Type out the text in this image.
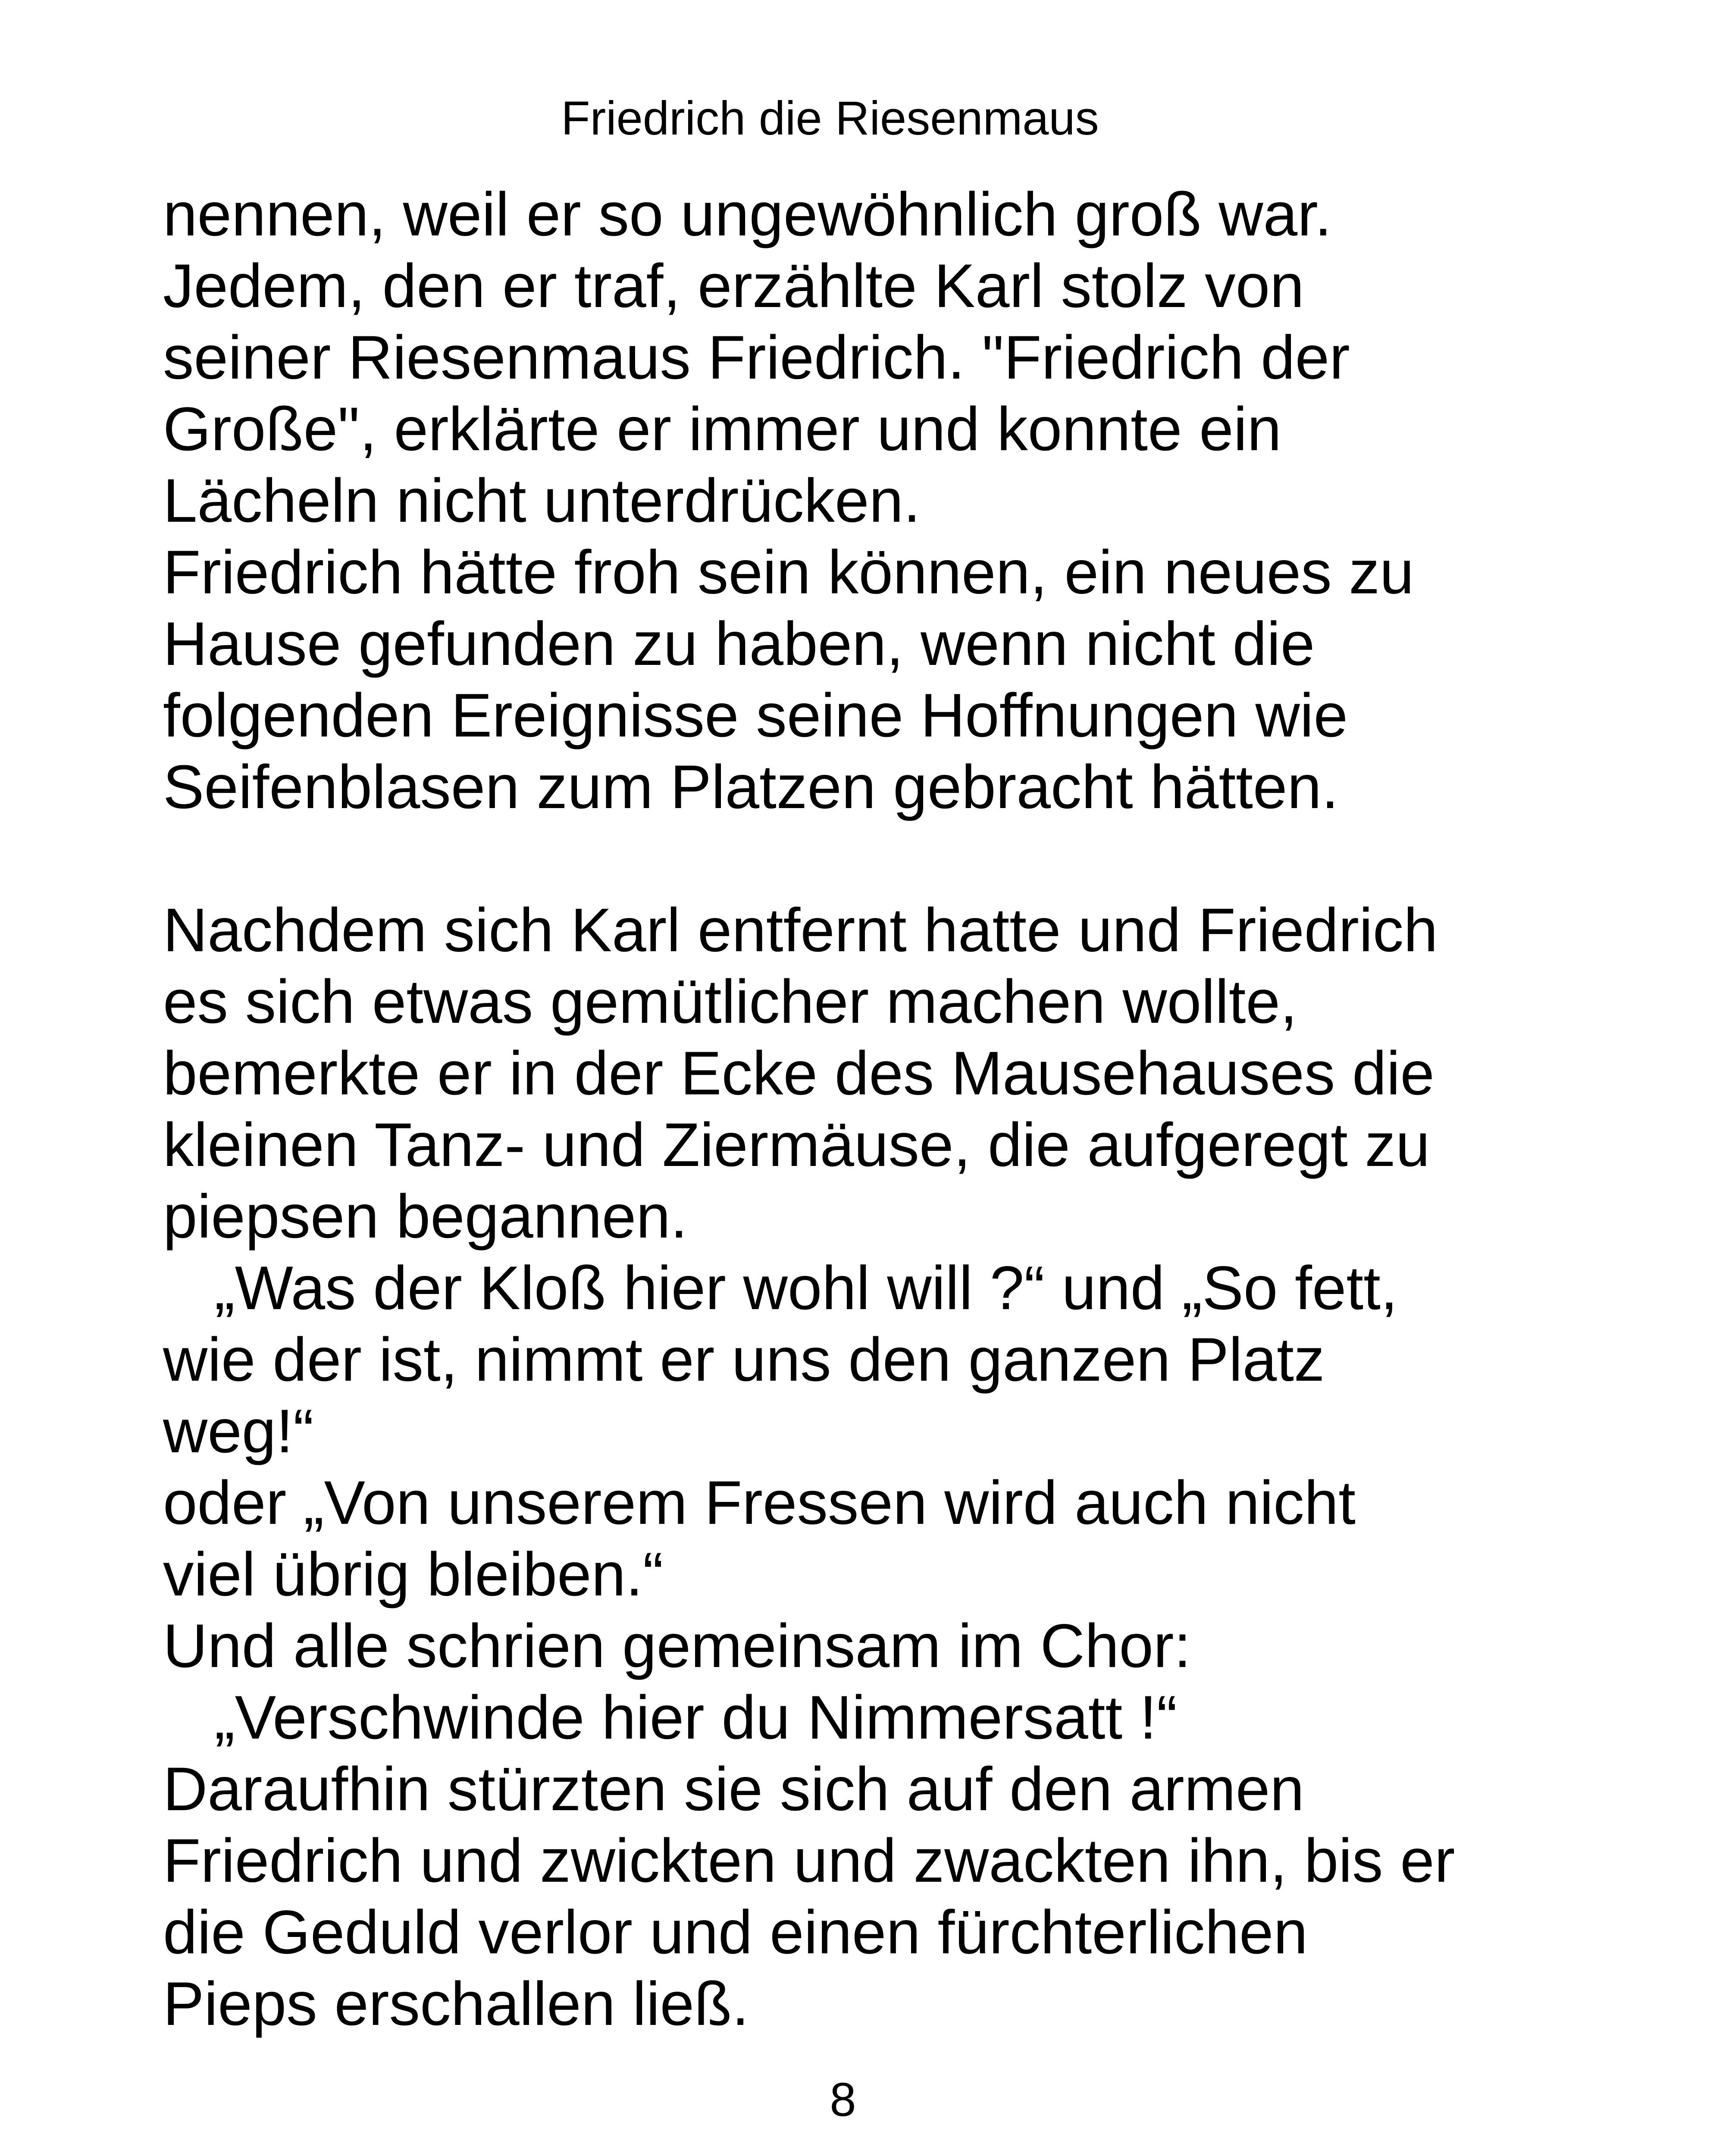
Friedrich die Riesenmaus
nennen, weil er so ungewöhnlich groß war.
Jedem, den er traf, erzählte Karl stolz von
seiner Riesenmaus Friedrich. "Friedrich der
Große", erklärte er immer und konnte ein
Lächeln nicht unterdrücken.
Friedrich hätte froh sein können, ein neues zu
Hause gefunden zu haben, wenn nicht die
folgenden Ereignisse seine Hoffnungen wie
Seifenblasen zum Platzen gebracht hätten.
Nachdem sich Karl entfernt hatte und Friedrich
es sich etwas gemütlicher machen wollte,
bemerkte er in der Ecke des Mausehauses die
kleinen Tanz- und Ziermäuse, die aufgeregt zu
piepsen begannen.
„Was der Kloß hier wohl will ?“ und „So fett,
wie der ist, nimmt er uns den ganzen Platz
weg!“
oder „Von unserem Fressen wird auch nicht
viel übrig bleiben.“
Und alle schrien gemeinsam im Chor:
„Verschwinde hier du Nimmersatt !“
Daraufhin stürzten sie sich auf den armen
Friedrich und zwickten und zwackten ihn, bis er
die Geduld verlor und einen fürchterlichen
Pieps erschallen ließ.
8
